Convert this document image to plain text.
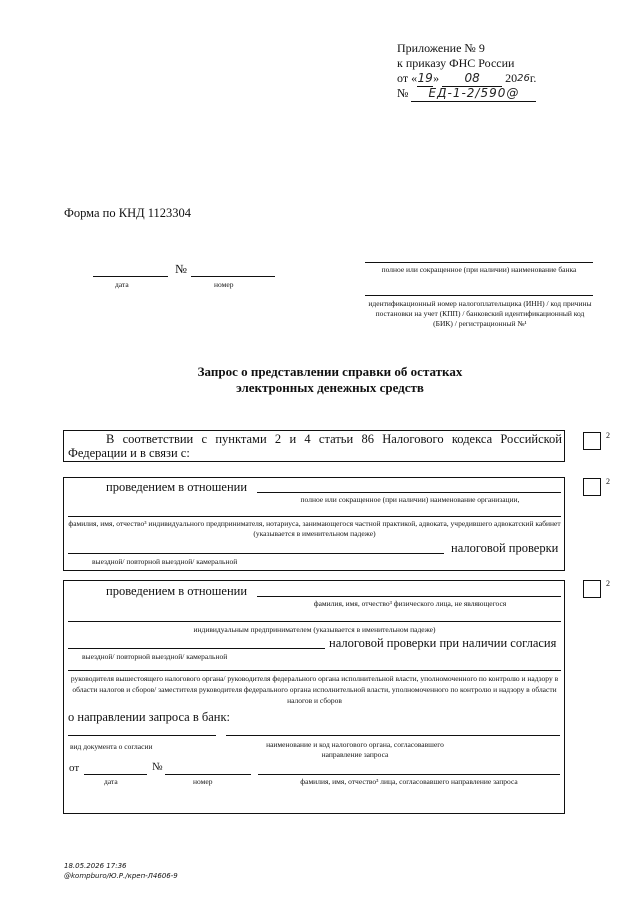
Приложение № 9
к приказу ФНС России
от «19» 08 $20^{26}г$.
№ ЕД-1-2/590@
Форма по КНД 1123304
№
дата	номер
полное или сокращенное (при наличии) наименование банка
идентификационный номер налогоплательщика (ИНН) / код причины постановки на учет (КПП) / банковский идентификационный код (БИК) / регистрационный №¹
Запрос о представлении справки об остатках
электронных денежных средств
В соответствии с пунктами 2 и 4 статьи 86 Налогового кодекса Российской Федерации и в связи с:
2
проведением в отношении
полное или сокращенное (при наличии) наименование организации,
фамилия, имя, отчество³ индивидуального предпринимателя, нотариуса, занимающегося частной практикой, адвоката, учредившего адвокатский кабинет (указывается в именительном падеже)
налоговой проверки
выездной/ повторной выездной/ камеральной
2
проведением в отношении
фамилия, имя, отчество³ физического лица, не являющегося
индивидуальным предпринимателем (указывается в именительном падеже)
налоговой проверки при наличии согласия
выездной/ повторной выездной/ камеральной
руководителя вышестоящего налогового органа/ руководителя федерального органа исполнительной власти, уполномоченного по контролю и надзору в области налогов и сборов/ заместителя руководителя федерального органа исполнительной власти, уполномоченного по контролю и надзору в области налогов и сборов
о направлении запроса в банк:
вид документа о согласии	наименование и код налогового органа, согласовавшего направление запроса
от	№
дата	номер	фамилия, имя, отчество³ лица, согласовавшего направление запроса
2
18.05.2026 17:36
@kompburo/Ю.Р./креп-Л4606-9
